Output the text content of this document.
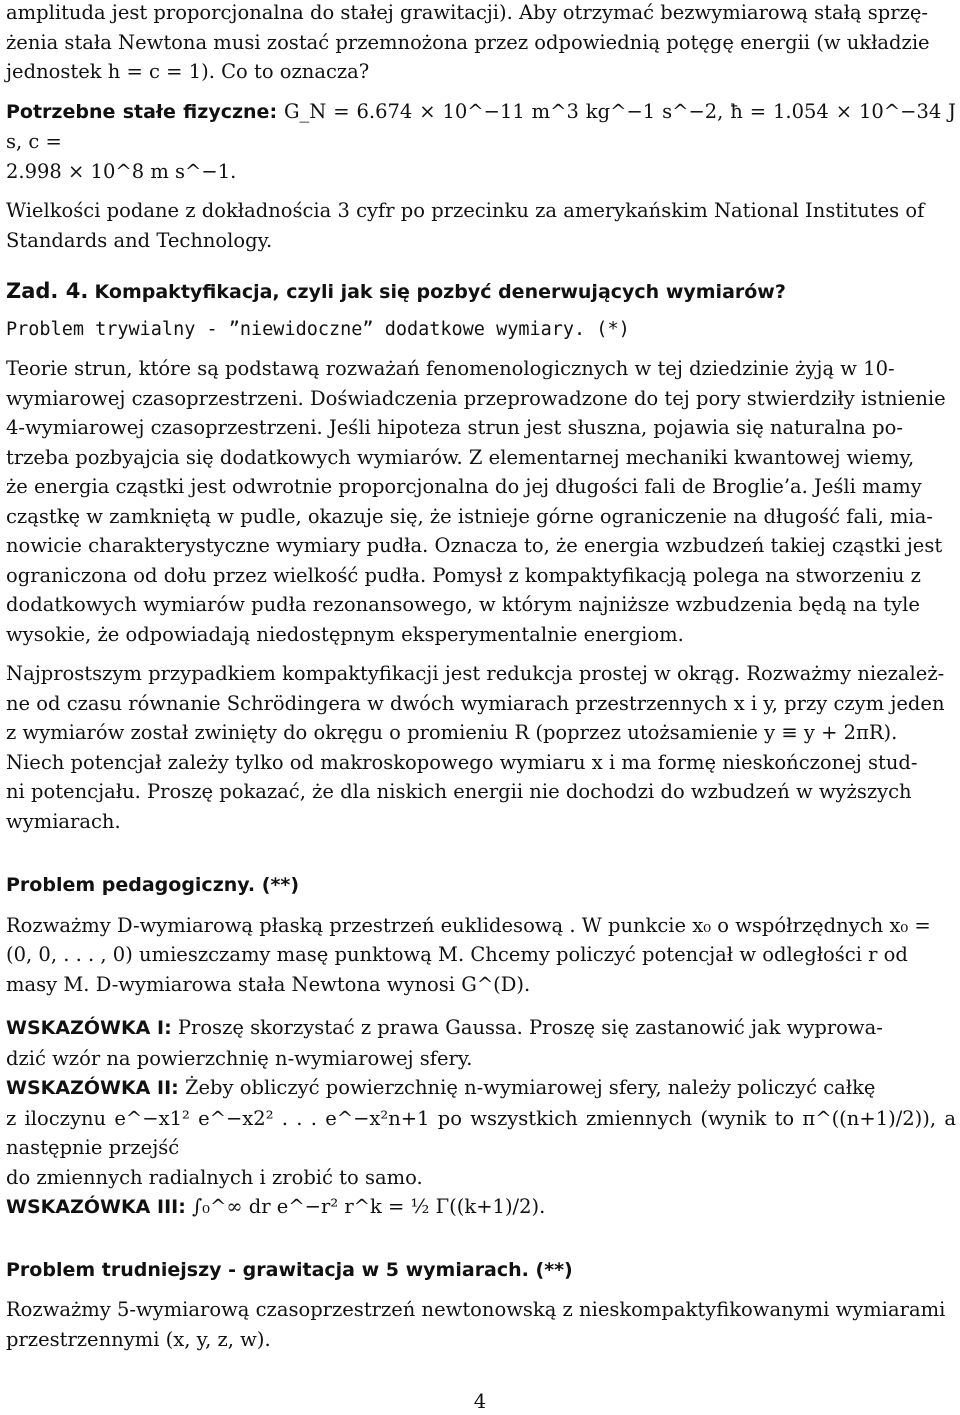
amplituda jest proporcjonalna do stałej grawitacji). Aby otrzymać bezwymiarową stałą sprzę-
żenia stała Newtona musi zostać przemnożona przez odpowiednią potęgę energii (w układzie
jednostek h = c = 1). Co to oznacza?

Potrzebne stałe fizyczne: G_N = 6.674 × 10^−11 m^3 kg^−1 s^−2, ħ = 1.054 × 10^−34 J s, c =
2.998 × 10^8 m s^−1.

Wielkości podane z dokładnościa 3 cyfr po przecinku za amerykańskim National Institutes of
Standards and Technology.

Zad. 4. Kompaktyfikacja, czyli jak się pozbyć denerwujących wymiarów?

Problem trywialny - ”niewidoczne” dodatkowe wymiary. (*)

Teorie strun, które są podstawą rozważań fenomenologicznych w tej dziedzinie żyją w 10-
wymiarowej czasoprzestrzeni. Doświadczenia przeprowadzone do tej pory stwierdziły istnienie
4-wymiarowej czasoprzestrzeni. Jeśli hipoteza strun jest słuszna, pojawia się naturalna po-
trzeba pozbyajcia się dodatkowych wymiarów. Z elementarnej mechaniki kwantowej wiemy,
że energia cząstki jest odwrotnie proporcjonalna do jej długości fali de Broglie’a. Jeśli mamy
cząstkę w zamkniętą w pudle, okazuje się, że istnieje górne ograniczenie na długość fali, mia-
nowicie charakterystyczne wymiary pudła. Oznacza to, że energia wzbudzeń takiej cząstki jest
ograniczona od dołu przez wielkość pudła. Pomysł z kompaktyfikacją polega na stworzeniu z
dodatkowych wymiarów pudła rezonansowego, w którym najniższe wzbudzenia będą na tyle
wysokie, że odpowiadają niedostępnym eksperymentalnie energiom.

Najprostszym przypadkiem kompaktyfikacji jest redukcja prostej w okrąg. Rozważmy niezależ-
ne od czasu równanie Schrödingera w dwóch wymiarach przestrzennych x i y, przy czym jeden
z wymiarów został zwinięty do okręgu o promieniu R (poprzez utożsamienie y ≡ y + 2πR).
Niech potencjał zależy tylko od makroskopowego wymiaru x i ma formę nieskończonej stud-
ni potencjału. Proszę pokazać, że dla niskich energii nie dochodzi do wzbudzeń w wyższych
wymiarach.

Problem pedagogiczny. (**)

Rozważmy D-wymiarową płaską przestrzeń euklidesową . W punkcie x₀ o współrzędnych x₀ =
(0, 0, . . . , 0) umieszczamy masę punktową M. Chcemy policzyć potencjał w odległości r od
masy M. D-wymiarowa stała Newtona wynosi G^(D).

WSKAZÓWKA I: Proszę skorzystać z prawa Gaussa. Proszę się zastanowić jak wyprowa-
dzić wzór na powierzchnię n-wymiarowej sfery.

WSKAZÓWKA II: Żeby obliczyć powierzchnię n-wymiarowej sfery, należy policzyć całkę
z iloczynu e^−x1² e^−x2² . . . e^−x²n+1 po wszystkich zmiennych (wynik to π^((n+1)/2)), a następnie przejść
do zmiennych radialnych i zrobić to samo.

WSKAZÓWKA III: ∫₀^∞ dr e^−r² r^k = ½ Γ((k+1)/2).

Problem trudniejszy - grawitacja w 5 wymiarach. (**)

Rozważmy 5-wymiarową czasoprzestrzeń newtonowską z nieskompaktyfikowanymi wymiarami
przestrzennymi (x, y, z, w).

4
